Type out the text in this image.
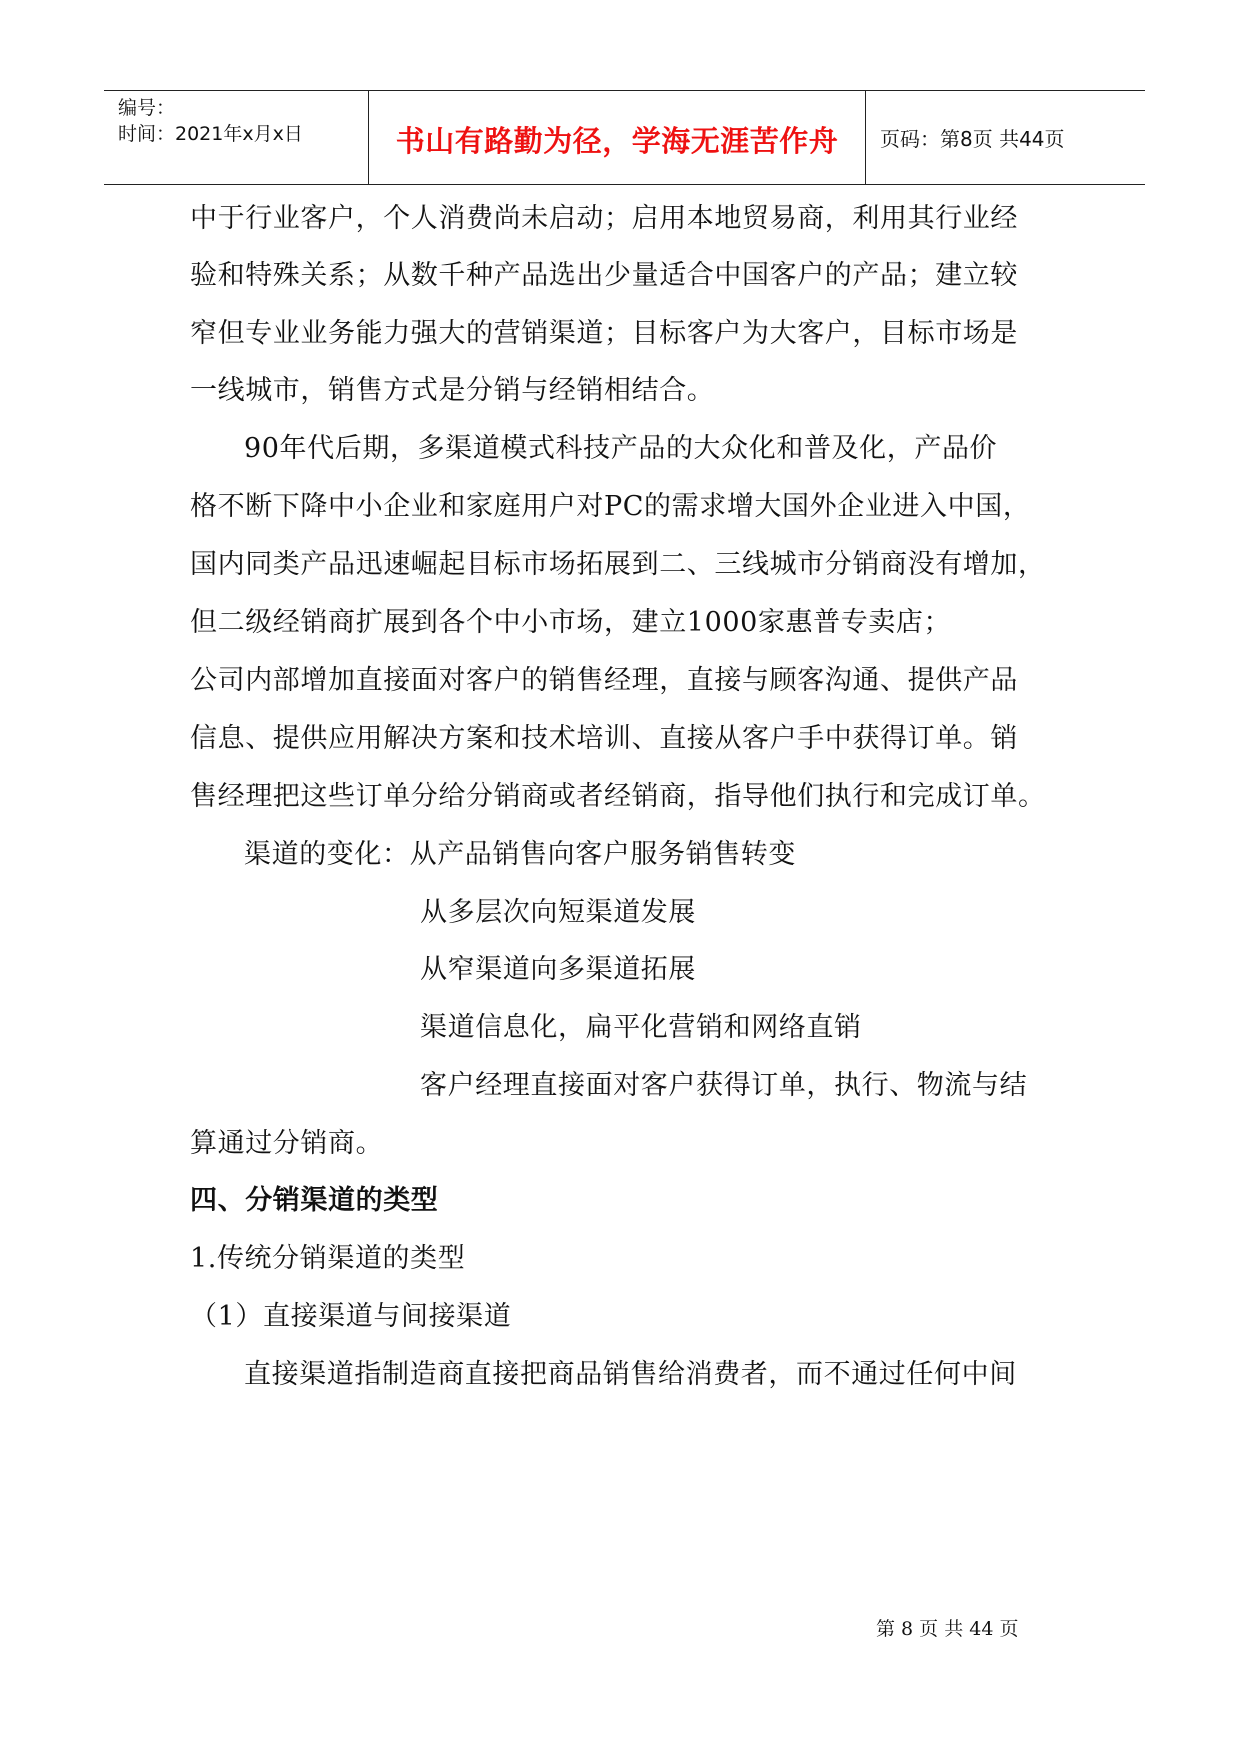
编号：
时间：2021年x月x日	书山有路勤为径，学海无涯苦作舟	页码：第8页 共44页
中于行业客户，个人消费尚未启动；启用本地贸易商，利用其行业经
验和特殊关系；从数千种产品选出少量适合中国客户的产品；建立较
窄但专业业务能力强大的营销渠道；目标客户为大客户，目标市场是
一线城市，销售方式是分销与经销相结合。
90年代后期，多渠道模式科技产品的大众化和普及化，产品价
格不断下降中小企业和家庭用户对PC的需求增大国外企业进入中国，
国内同类产品迅速崛起目标市场拓展到二、三线城市分销商没有增加，
但二级经销商扩展到各个中小市场，建立1000家惠普专卖店；
公司内部增加直接面对客户的销售经理，直接与顾客沟通、提供产品
信息、提供应用解决方案和技术培训、直接从客户手中获得订单。销
售经理把这些订单分给分销商或者经销商，指导他们执行和完成订单。
渠道的变化：从产品销售向客户服务销售转变
从多层次向短渠道发展
从窄渠道向多渠道拓展
渠道信息化，扁平化营销和网络直销
客户经理直接面对客户获得订单，执行、物流与结
算通过分销商。
四、分销渠道的类型
1.传统分销渠道的类型
（1）直接渠道与间接渠道
直接渠道指制造商直接把商品销售给消费者，而不通过任何中间
第 8 页 共 44 页
